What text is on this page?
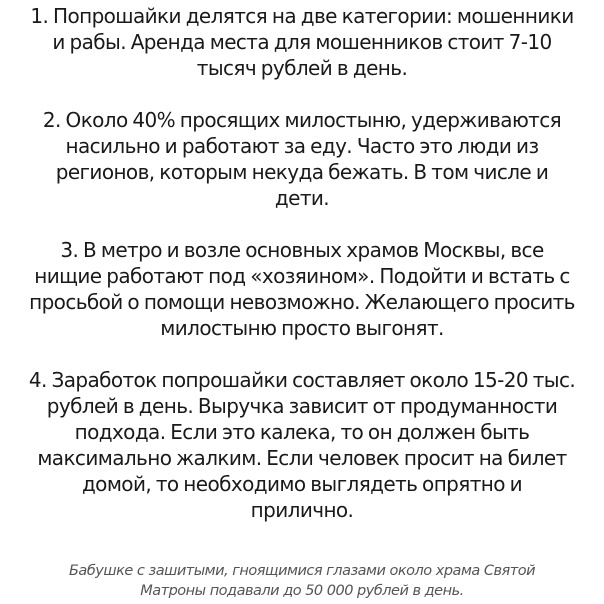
1. Попрошайки делятся на две категории: мошенники
и рабы. Аренда места для мошенников стоит 7-10
тысяч рублей в день.

2. Около 40% просящих милостыню, удерживаются
насильно и работают за еду. Часто это люди из
регионов, которым некуда бежать. В том числе и
дети.

3. В метро и возле основных храмов Москвы, все
нищие работают под «хозяином». Подойти и встать с
просьбой о помощи невозможно. Желающего просить
милостыню просто выгонят.

4. Заработок попрошайки составляет около 15-20 тыс.
рублей в день. Выручка зависит от продуманности
подхода. Если это калека, то он должен быть
максимально жалким. Если человек просит на билет
домой, то необходимо выглядеть опрятно и
прилично.

Бабушке с зашитыми, гноящимися глазами около храма Святой
Матроны подавали до 50 000 рублей в день.
